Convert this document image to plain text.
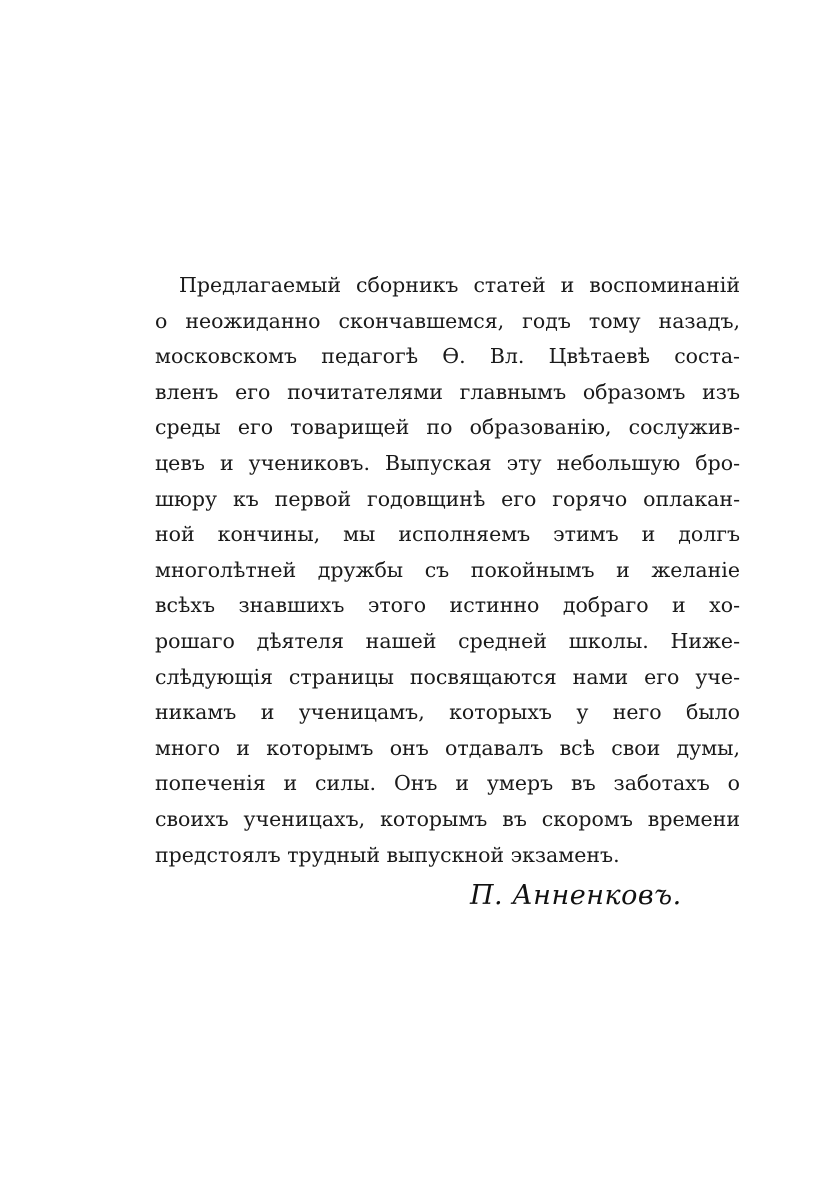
Предлагаемый сборникъ статей и воспоминаній
о неожиданно скончавшемся, годъ тому назадъ,
московскомъ педагогѣ Ѳ. Вл. Цвѣтаевѣ соста-
вленъ его почитателями главнымъ образомъ изъ
среды его товарищей по образованію, сослужив-
цевъ и учениковъ. Выпуская эту небольшую бро-
шюру къ первой годовщинѣ его горячо оплакан-
ной кончины, мы исполняемъ этимъ и долгъ
многолѣтней дружбы съ покойнымъ и желаніе
всѣхъ знавшихъ этого истинно добраго и хо-
рошаго дѣятеля нашей средней школы. Ниже-
слѣдующія страницы посвящаются нами его уче-
никамъ и ученицамъ, которыхъ у него было
много и которымъ онъ отдавалъ всѣ свои думы,
попеченія и силы. Онъ и умеръ въ заботахъ о
своихъ ученицахъ, которымъ въ скоромъ времени
предстоялъ трудный выпускной экзаменъ.
П. Анненковъ.
